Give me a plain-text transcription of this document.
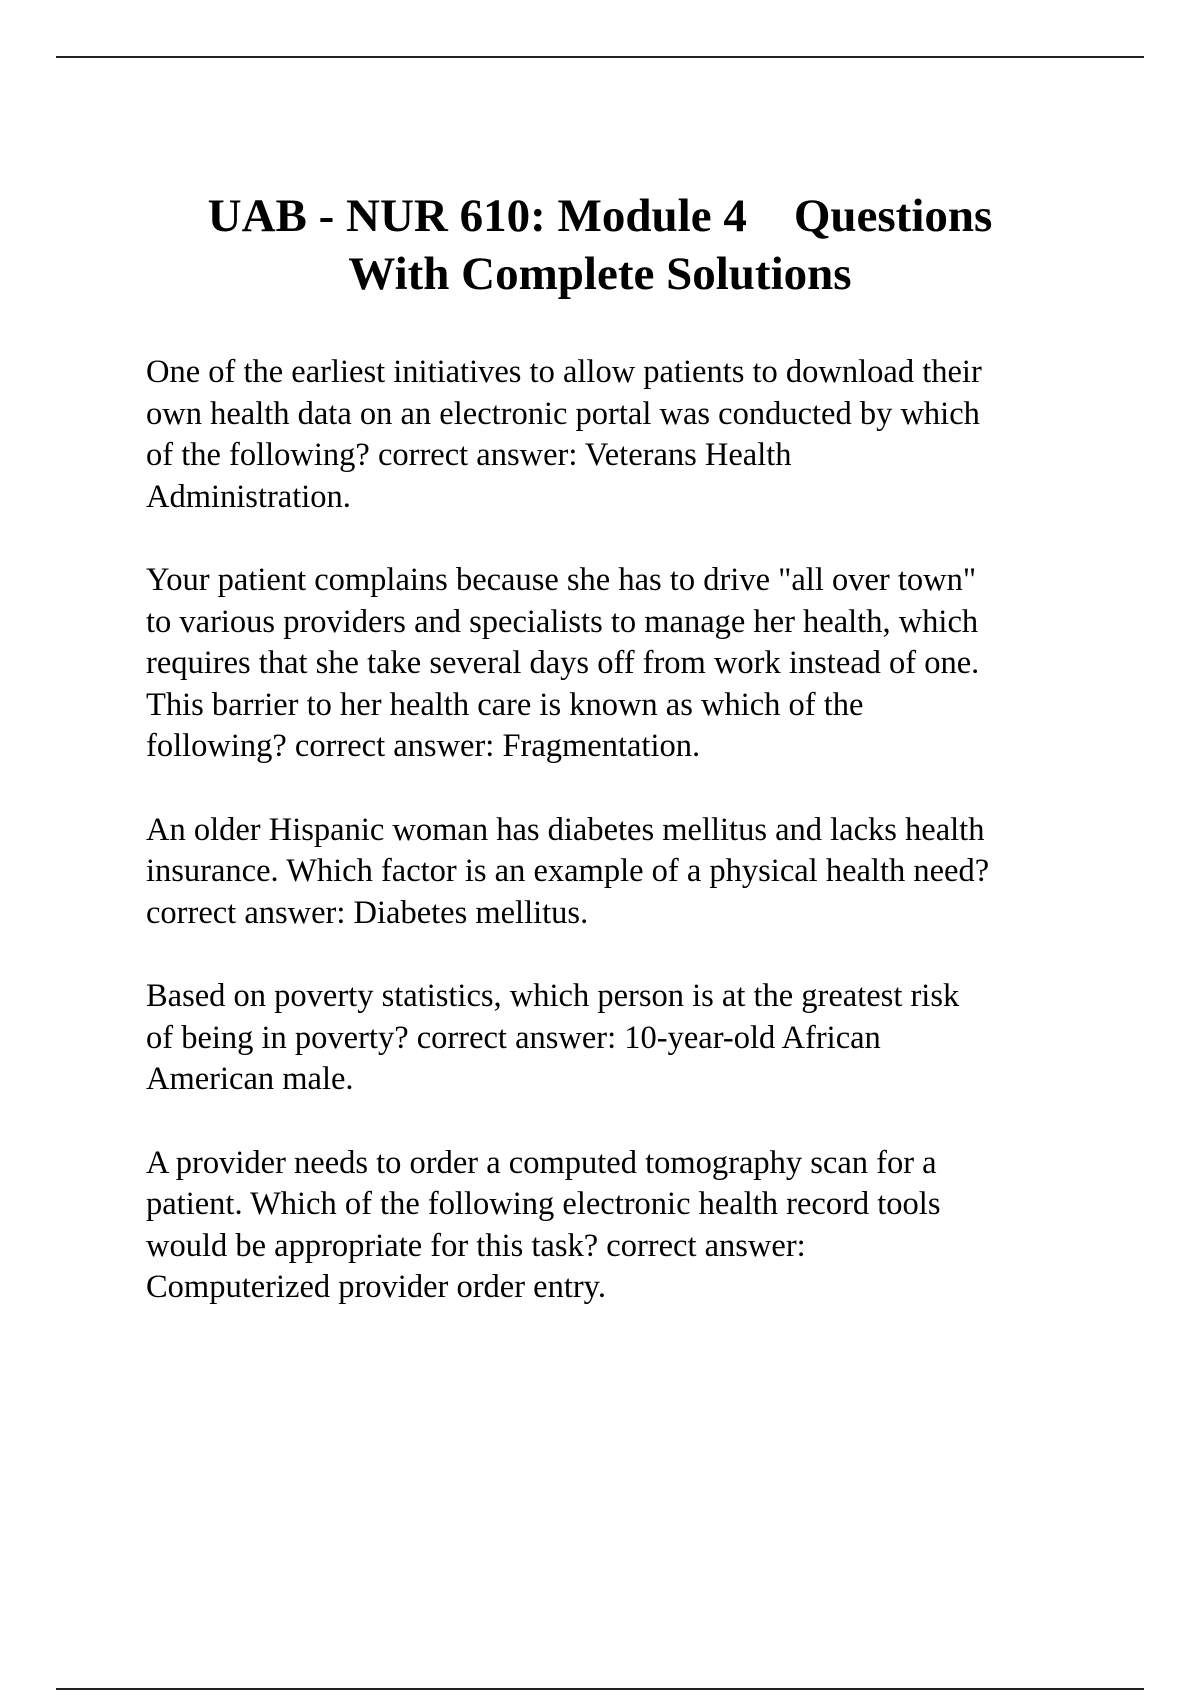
UAB - NUR 610: Module 4    Questions
With Complete Solutions

One of the earliest initiatives to allow patients to download their
own health data on an electronic portal was conducted by which
of the following? correct answer: Veterans Health
Administration.

Your patient complains because she has to drive "all over town"
to various providers and specialists to manage her health, which
requires that she take several days off from work instead of one.
This barrier to her health care is known as which of the
following? correct answer: Fragmentation.

An older Hispanic woman has diabetes mellitus and lacks health
insurance. Which factor is an example of a physical health need?
correct answer: Diabetes mellitus.

Based on poverty statistics, which person is at the greatest risk
of being in poverty? correct answer: 10-year-old African
American male.

A provider needs to order a computed tomography scan for a
patient. Which of the following electronic health record tools
would be appropriate for this task? correct answer:
Computerized provider order entry.
